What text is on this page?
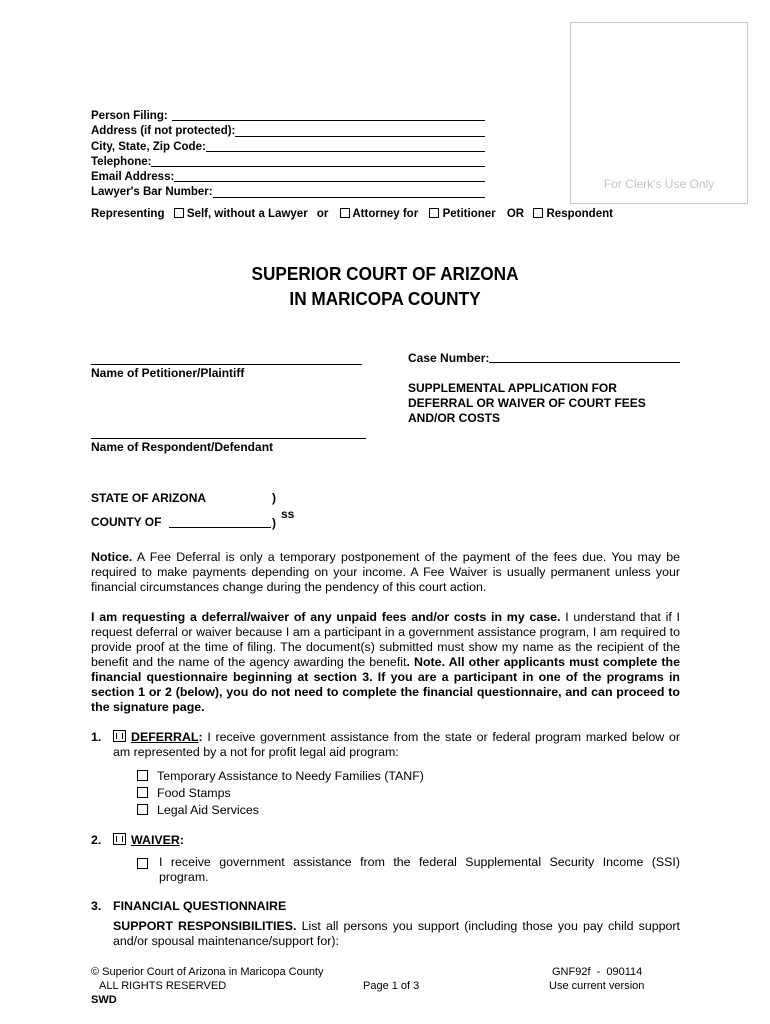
For Clerk's Use Only
Person Filing:
Address (if not protected):
City, State, Zip Code:
Telephone:
Email Address:
Lawyer's Bar Number:
Representing Self, without a Lawyer or Attorney for Petitioner OR Respondent
SUPERIOR COURT OF ARIZONA
IN MARICOPA COUNTY
Name of Petitioner/Plaintiff
Name of Respondent/Defendant
Case Number:
SUPPLEMENTAL APPLICATION FOR
DEFERRAL OR WAIVER OF COURT FEES
AND/OR COSTS
STATE OF ARIZONA	)
ss
COUNTY OF	)

Notice. A Fee Deferral is only a temporary postponement of the payment of the fees due. You may be required to make payments depending on your income. A Fee Waiver is usually permanent unless your financial circumstances change during the pendency of this court action.

I am requesting a deferral/waiver of any unpaid fees and/or costs in my case. I understand that if I request deferral or waiver because I am a participant in a government assistance program, I am required to provide proof at the time of filing. The document(s) submitted must show my name as the recipient of the benefit and the name of the agency awarding the benefit. Note. All other applicants must complete the financial questionnaire beginning at section 3. If you are a participant in one of the programs in section 1 or 2 (below), you do not need to complete the financial questionnaire, and can proceed to the signature page.

1.	DEFERRAL: I receive government assistance from the state or federal program marked below or am represented by a not for profit legal aid program:

Temporary Assistance to Needy Families (TANF)
Food Stamps
Legal Aid Services
2.	WAIVER:
I receive government assistance from the federal Supplemental Security Income (SSI) program.
3. FINANCIAL QUESTIONNAIRE

SUPPORT RESPONSIBILITIES. List all persons you support (including those you pay child support and/or spousal maintenance/support for):

© Superior Court of Arizona in Maricopa County
ALL RIGHTS RESERVED
SWD
Page 1 of 3
GNF92f  -  090114
Use current version
